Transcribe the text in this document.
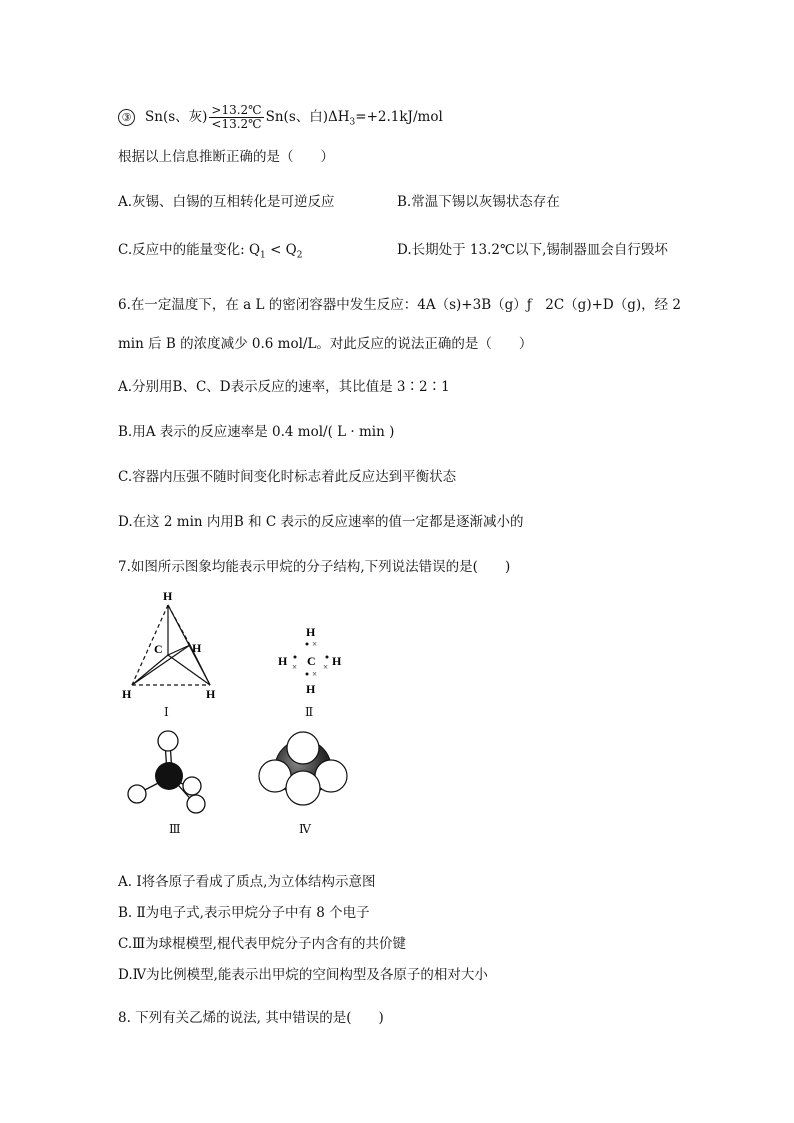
③ Sn(s、灰) $\frac{>13.2℃}{<13.2℃} Sn(s$、白)$\Delta H_3=+2.1kJ$/mol
根据以上信息推断正确的是（　　）
A.灰锡、白锡的互相转化是可逆反应	B.常温下锡以灰锡状态存在
C.反应中的能量变化: $Q_1 < Q_2$	D.长期处于 13.2℃以下,锡制器皿会自行毁坏
6.在一定温度下，在 a L 的密闭容器中发生反应：4A（s)+3B（g）ƒ　2C（g)+D（g)，经 2
min 后 B 的浓度减少 0.6 mol/L。对此反应的说法正确的是（　　）
A.分别用B、C、D表示反应的速率，其比值是 3∶2∶1
B.用A 表示的反应速率是 0.4 mol/( L · min )
C.容器内压强不随时间变化时标志着此反应达到平衡状态
D.在这 2 min 内用B 和 C 表示的反应速率的值一定都是逐渐减小的
7.如图所示图象均能表示甲烷的分子结构,下列说法错误的是(　　)
H
C H
H	H
Ⅰ
H
H C H
H
×
×	×
×
Ⅱ
Ⅲ	Ⅳ
A. Ⅰ将各原子看成了质点,为立体结构示意图
B. Ⅱ为电子式,表示甲烷分子中有 8 个电子
C.Ⅲ为球棍模型,棍代表甲烷分子内含有的共价键
D.Ⅳ为比例模型,能表示出甲烷的空间构型及各原子的相对大小
8. 下列有关乙烯的说法, 其中错误的是(　　)
